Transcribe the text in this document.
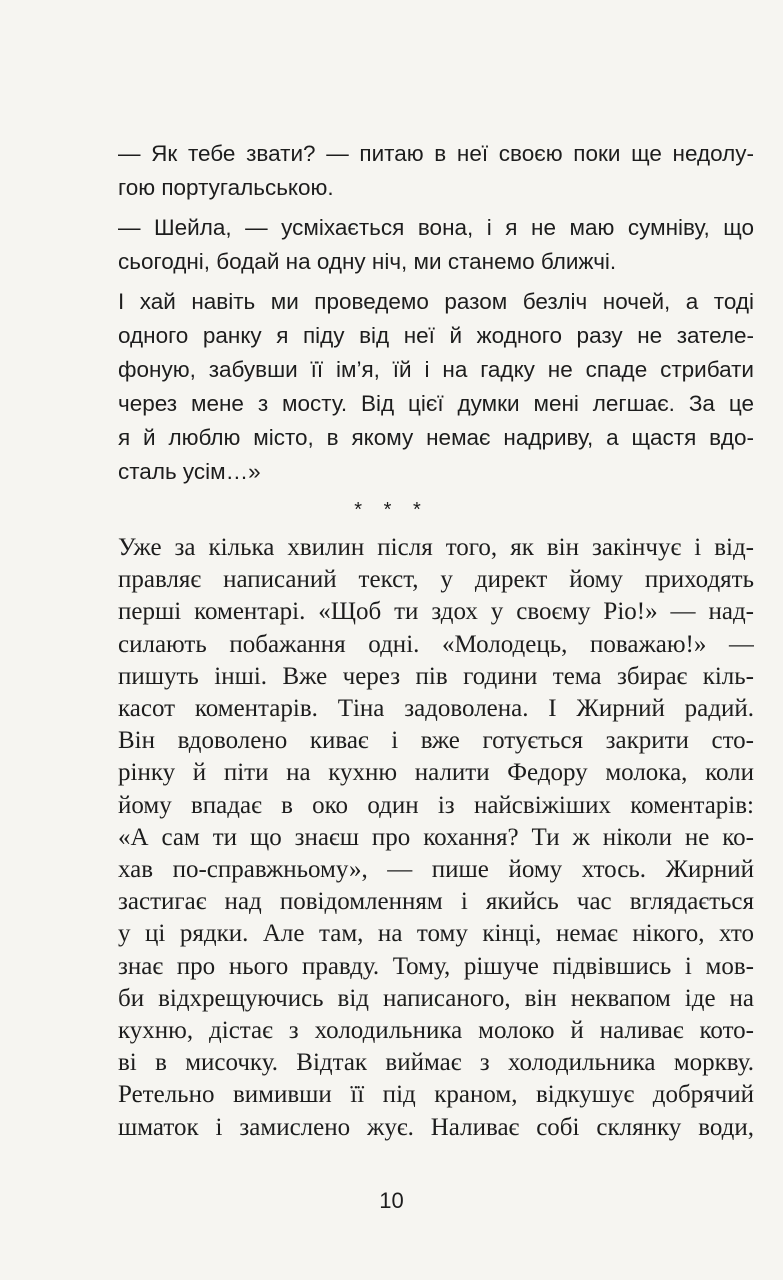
— Як тебе звати? — питаю в неї своєю поки ще недолу-
гою португальською.
— Шейла, — усміхається вона, і я не маю сумніву, що
сьогодні, бодай на одну ніч, ми станемо ближчі.
І хай навіть ми проведемо разом безліч ночей, а тоді
одного ранку я піду від неї й жодного разу не зателе-
фоную, забувши її ім’я, їй і на гадку не спаде стрибати
через мене з мосту. Від цієї думки мені легшає. За це
я й люблю місто, в якому немає надриву, а щастя вдо-
сталь усім…»
* * *
Уже за кілька хвилин після того, як він закінчує і від-
правляє написаний текст, у директ йому приходять
перші коментарі. «Щоб ти здох у своєму Ріо!» — над-
силають побажання одні. «Молодець, поважаю!» —
пишуть інші. Вже через пів години тема збирає кіль-
касот коментарів. Тіна задоволена. І Жирний радий.
Він вдоволено киває і вже готується закрити сто-
рінку й піти на кухню налити Федору молока, коли
йому впадає в око один із найсвіжіших коментарів:
«А сам ти що знаєш про кохання? Ти ж ніколи не ко-
хав по-справжньому», — пише йому хтось. Жирний
застигає над повідомленням і якийсь час вглядається
у ці рядки. Але там, на тому кінці, немає нікого, хто
знає про нього правду. Тому, рішуче підвівшись і мов-
би відхрещуючись від написаного, він неквапом іде на
кухню, дістає з холодильника молоко й наливає кото-
ві в мисочку. Відтак виймає з холодильника моркву.
Ретельно вимивши її під краном, відкушує добрячий
шматок і замислено жує. Наливає собі склянку води,
10
